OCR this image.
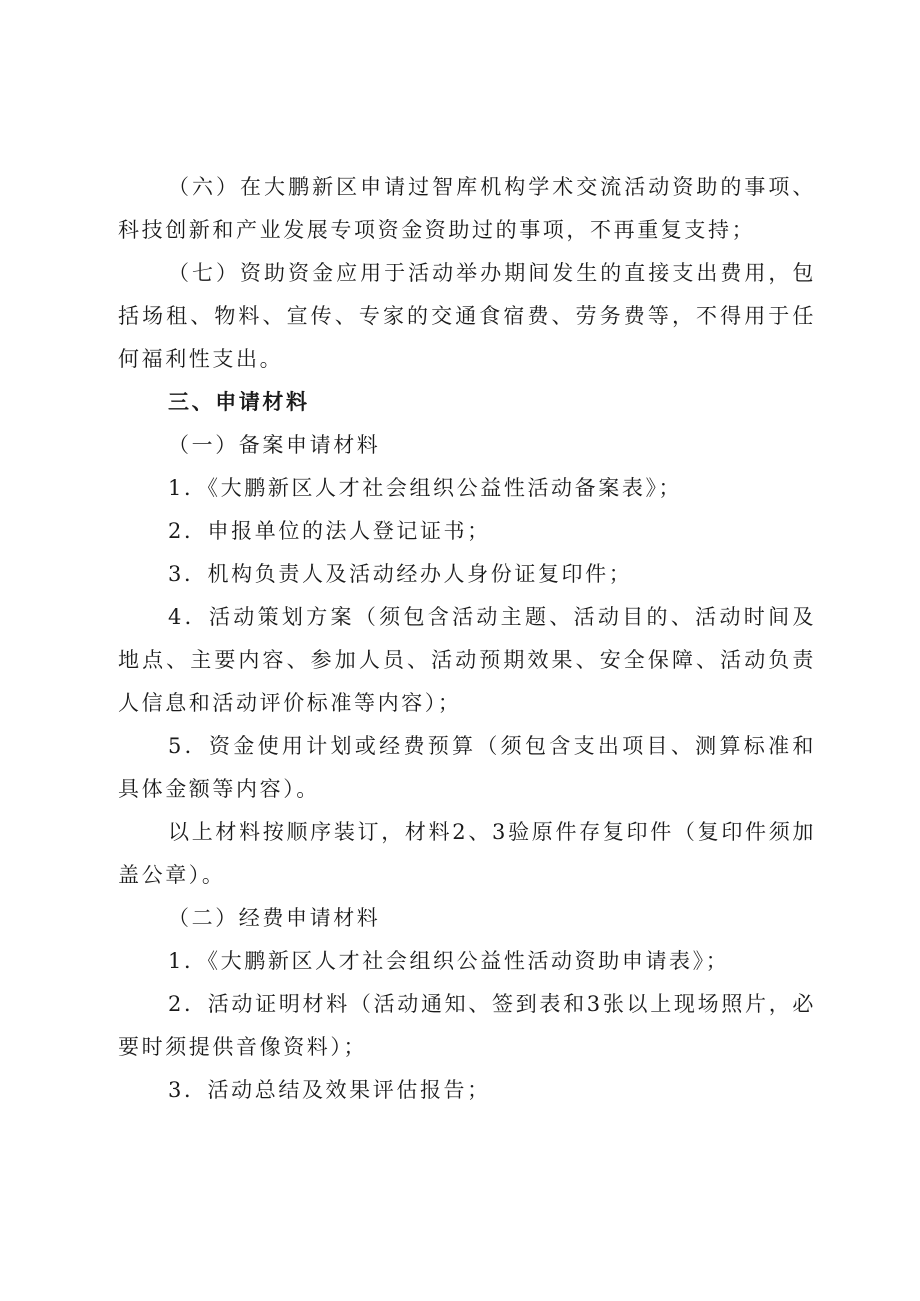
（六）在大鹏新区申请过智库机构学术交流活动资助的事项、科技创新和产业发展专项资金资助过的事项，不再重复支持；

（七）资助资金应用于活动举办期间发生的直接支出费用，包括场租、物料、宣传、专家的交通食宿费、劳务费等，不得用于任何福利性支出。

三、申请材料

（一）备案申请材料

1．《大鹏新区人才社会组织公益性活动备案表》；

2．申报单位的法人登记证书；

3．机构负责人及活动经办人身份证复印件；

4．活动策划方案（须包含活动主题、活动目的、活动时间及地点、主要内容、参加人员、活动预期效果、安全保障、活动负责人信息和活动评价标准等内容）；

5．资金使用计划或经费预算（须包含支出项目、测算标准和具体金额等内容）。

以上材料按顺序装订，材料2、3验原件存复印件（复印件须加盖公章）。

（二）经费申请材料

1．《大鹏新区人才社会组织公益性活动资助申请表》；

2．活动证明材料（活动通知、签到表和3张以上现场照片，必要时须提供音像资料）；

3．活动总结及效果评估报告；
